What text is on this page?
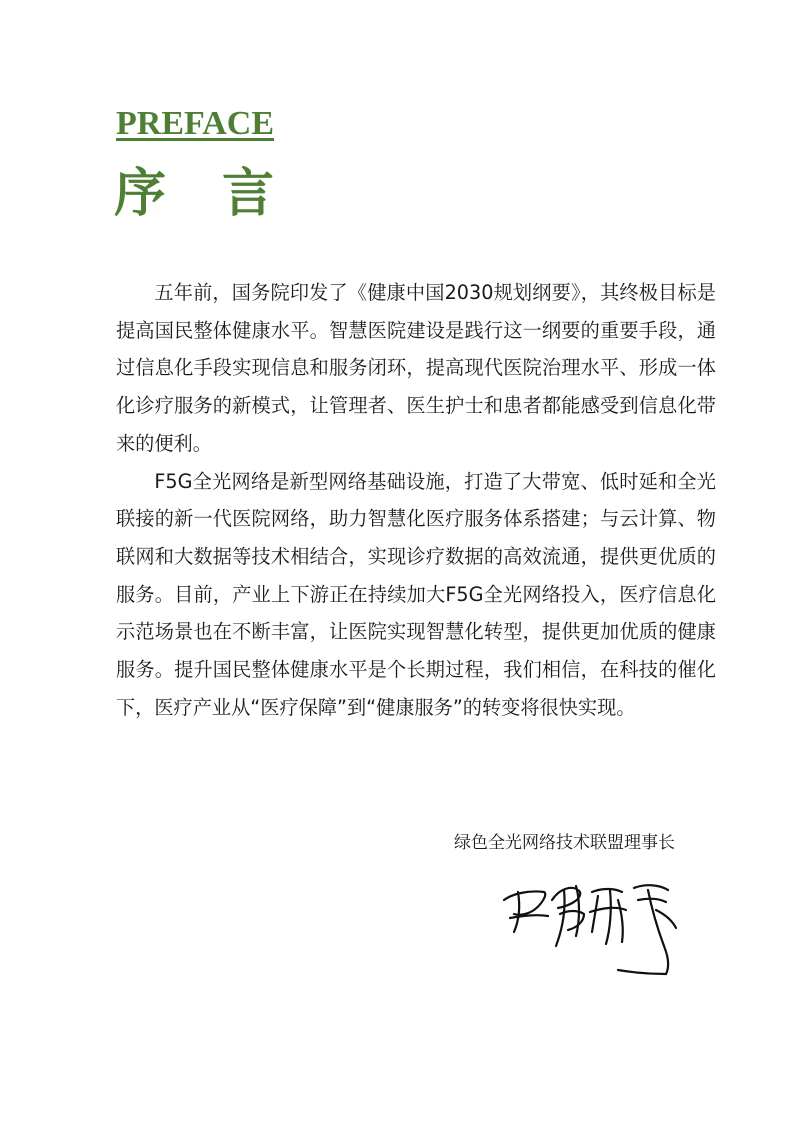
PREFACE
序言

五年前，国务院印发了《健康中国2030规划纲要》，其终极目标是提高国民整体健康水平。智慧医院建设是践行这一纲要的重要手段，通过信息化手段实现信息和服务闭环，提高现代医院治理水平、形成一体化诊疗服务的新模式，让管理者、医生护士和患者都能感受到信息化带来的便利。

F5G全光网络是新型网络基础设施，打造了大带宽、低时延和全光联接的新一代医院网络，助力智慧化医疗服务体系搭建；与云计算、物联网和大数据等技术相结合，实现诊疗数据的高效流通，提供更优质的服务。目前，产业上下游正在持续加大F5G全光网络投入，医疗信息化示范场景也在不断丰富，让医院实现智慧化转型，提供更加优质的健康服务。提升国民整体健康水平是个长期过程，我们相信，在科技的催化下，医疗产业从“医疗保障”到“健康服务”的转变将很快实现。

绿色全光网络技术联盟理事长
